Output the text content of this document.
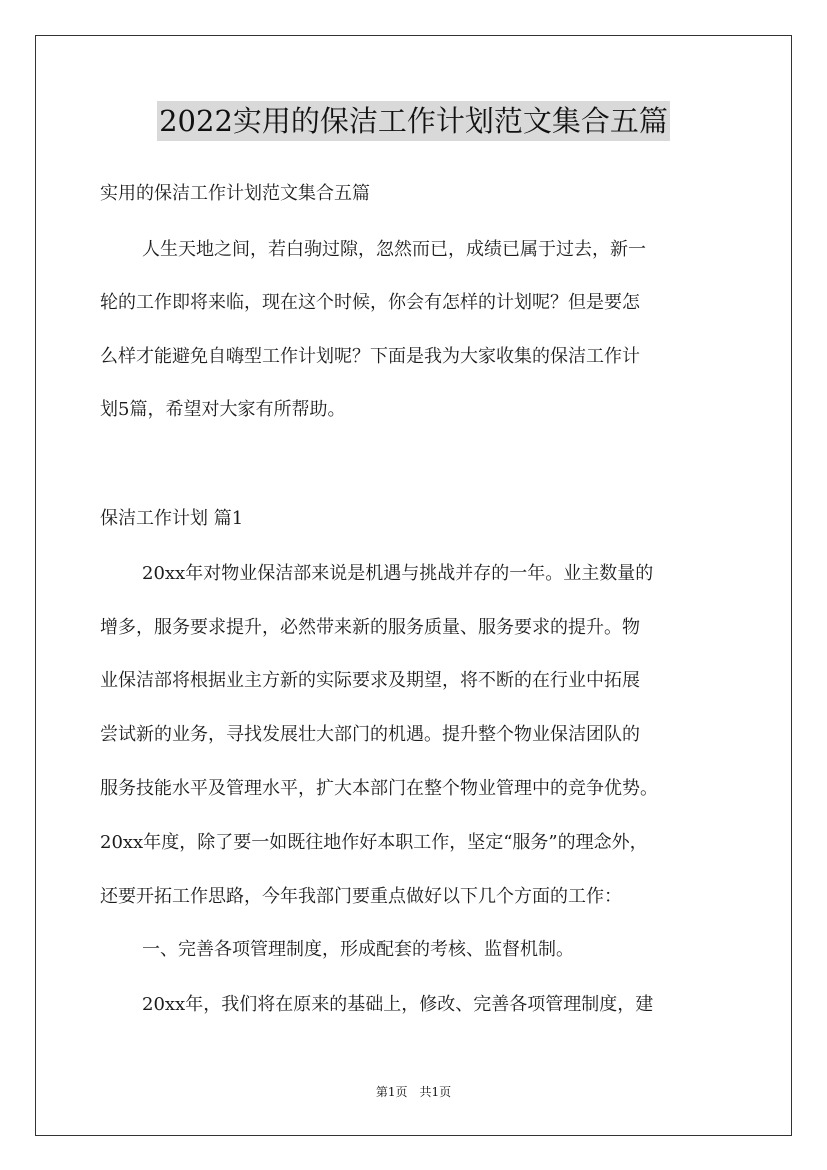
2022实用的保洁工作计划范文集合五篇
实用的保洁工作计划范文集合五篇
人生天地之间，若白驹过隙，忽然而已，成绩已属于过去，新一
轮的工作即将来临，现在这个时候，你会有怎样的计划呢？但是要怎
么样才能避免自嗨型工作计划呢？下面是我为大家收集的保洁工作计
划5篇，希望对大家有所帮助。
保洁工作计划 篇1
20xx年对物业保洁部来说是机遇与挑战并存的一年。业主数量的
增多，服务要求提升，必然带来新的服务质量、服务要求的提升。物
业保洁部将根据业主方新的实际要求及期望，将不断的在行业中拓展
尝试新的业务，寻找发展壮大部门的机遇。提升整个物业保洁团队的
服务技能水平及管理水平，扩大本部门在整个物业管理中的竞争优势。
20xx年度，除了要一如既往地作好本职工作，坚定“服务”的理念外，
还要开拓工作思路，今年我部门要重点做好以下几个方面的工作：
一、完善各项管理制度，形成配套的考核、监督机制。
20xx年，我们将在原来的基础上，修改、完善各项管理制度，建
第1页　共1页
